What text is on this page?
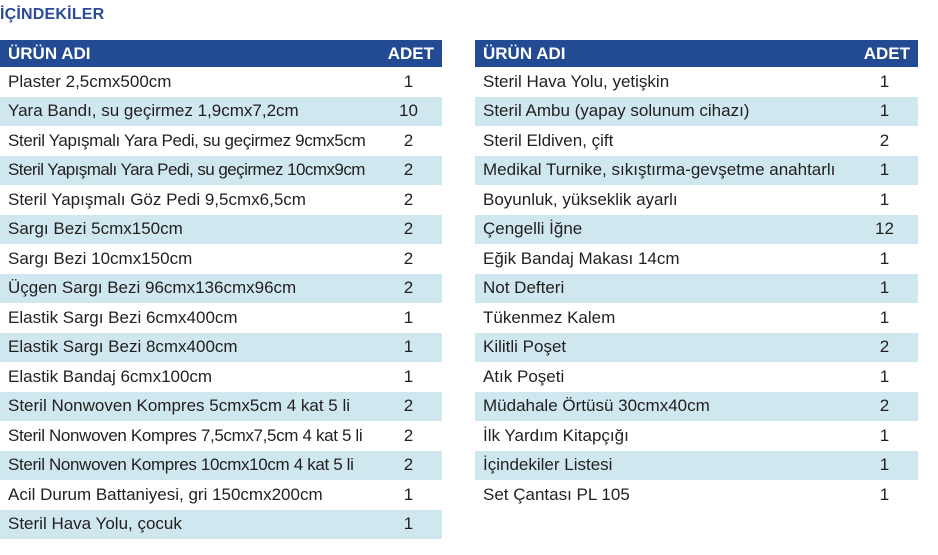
İÇİNDEKİLER
ÜRÜN ADI	ADET
Plaster 2,5cmx500cm	1
Yara Bandı, su geçirmez 1,9cmx7,2cm	10
Steril Yapışmalı Yara Pedi, su geçirmez 9cmx5cm	2
Steril Yapışmalı Yara Pedi, su geçirmez 10cmx9cm	2
Steril Yapışmalı Göz Pedi 9,5cmx6,5cm	2
Sargı Bezi 5cmx150cm	2
Sargı Bezi 10cmx150cm	2
Üçgen Sargı Bezi 96cmx136cmx96cm	2
Elastik Sargı Bezi 6cmx400cm	1
Elastik Sargı Bezi 8cmx400cm	1
Elastik Bandaj 6cmx100cm	1
Steril Nonwoven Kompres 5cmx5cm 4 kat 5 li	2
Steril Nonwoven Kompres 7,5cmx7,5cm 4 kat 5 li	2
Steril Nonwoven Kompres 10cmx10cm 4 kat 5 li	2
Acil Durum Battaniyesi, gri 150cmx200cm	1
Steril Hava Yolu, çocuk	1
ÜRÜN ADI	ADET
Steril Hava Yolu, yetişkin	1
Steril Ambu (yapay solunum cihazı)	1
Steril Eldiven, çift	2
Medikal Turnike, sıkıştırma-gevşetme anahtarlı	1
Boyunluk, yükseklik ayarlı	1
Çengelli İğne	12
Eğik Bandaj Makası 14cm	1
Not Defteri	1
Tükenmez Kalem	1
Kilitli Poşet	2
Atık Poşeti	1
Müdahale Örtüsü 30cmx40cm	2
İlk Yardım Kitapçığı	1
İçindekiler Listesi	1
Set Çantası PL 105	1
